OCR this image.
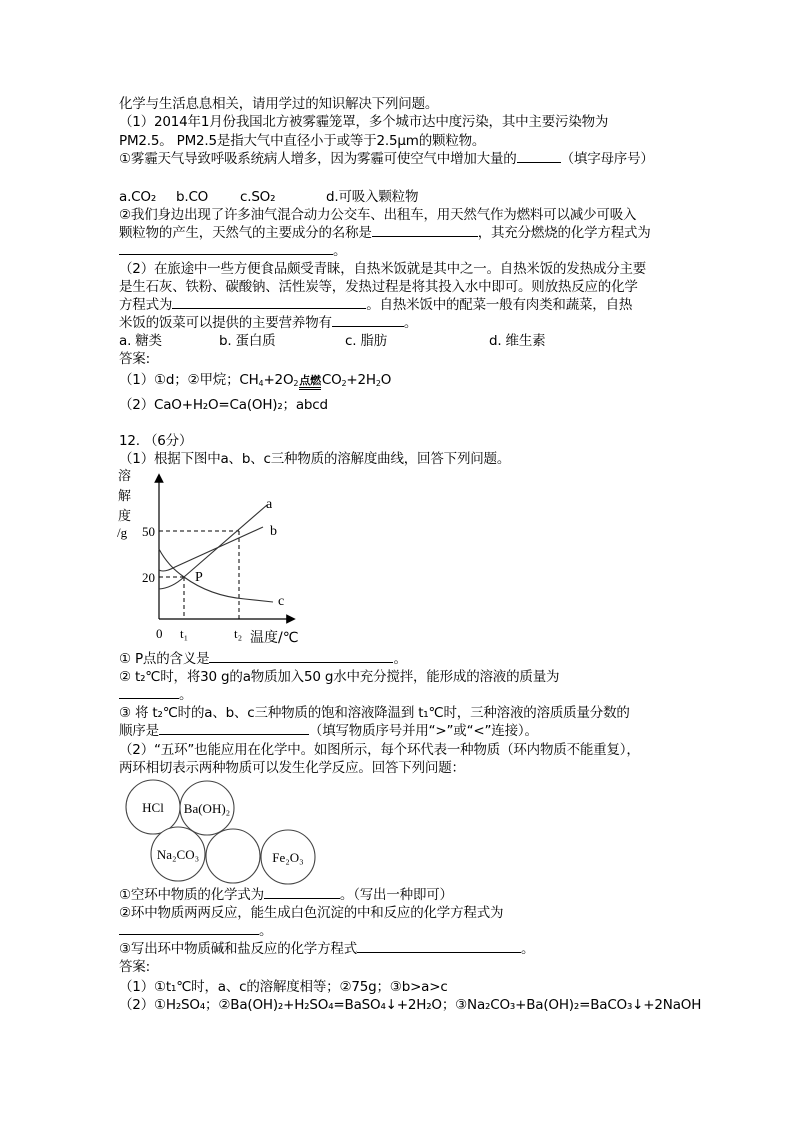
化学与生活息息相关，请用学过的知识解决下列问题。
（1）2014年1月份我国北方被雾霾笼罩，多个城市达中度污染，其中主要污染物为
PM2.5。 PM2.5是指大气中直径小于或等于2.5μm的颗粒物。
①雾霾天气导致呼吸系统病人增多，因为雾霾可使空气中增加大量的	（填字母序号）
a.CO₂ b.CO c.SO₂	d.可吸入颗粒物
②我们身边出现了许多油气混合动力公交车、出租车，用天然气作为燃料可以减少可吸入
颗粒物的产生，天然气的主要成分的名称是	，其充分燃烧的化学方程式为
。
（2）在旅途中一些方便食品颇受青睐，自热米饭就是其中之一。自热米饭的发热成分主要
是生石灰、铁粉、碳酸钠、活性炭等，发热过程是将其投入水中即可。则放热反应的化学
方程式为	。自热米饭中的配菜一般有肉类和蔬菜，自热
米饭的饭菜可以提供的主要营养物有	。
a. 糖类	b. 蛋白质	c. 脂肪	d. 维生素
答案:
（1）①d；②甲烷；$CH_4+2O_2$点燃$CO_2+2H_2O$
（2）CaO+H₂O=Ca(OH)₂；abcd
12. （6分）
（1）根据下图中a、b、c三种物质的溶解度曲线，回答下列问题。
溶
解
度
/g 50
20
0 t₁	t₂ 温度/℃
a
b
c
P
① P点的含义是	。
② t₂℃时，将30 g的a物质加入50 g水中充分搅拌，能形成的溶液的质量为
。
③ 将 t₂℃时的a、b、c三种物质的饱和溶液降温到 t₁℃时，三种溶液的溶质质量分数的
顺序是	（填写物质序号并用“>”或“<”连接）。
（2）“五环”也能应用在化学中。如图所示，每个环代表一种物质（环内物质不能重复），
两环相切表示两种物质可以发生化学反应。回答下列问题：
HCl Ba(OH)₂
Na₂CO₃	Fe₂O₃
①空环中物质的化学式为	。（写出一种即可）
②环中物质两两反应，能生成白色沉淀的中和反应的化学方程式为
。
③写出环中物质碱和盐反应的化学方程式	。
答案:
（1）①t₁℃时，a、c的溶解度相等；②75g；③b>a>c
（2）①H₂SO₄；②Ba(OH)₂+H₂SO₄=BaSO₄↓+2H₂O；③Na₂CO₃+Ba(OH)₂=BaCO₃↓+2NaOH
